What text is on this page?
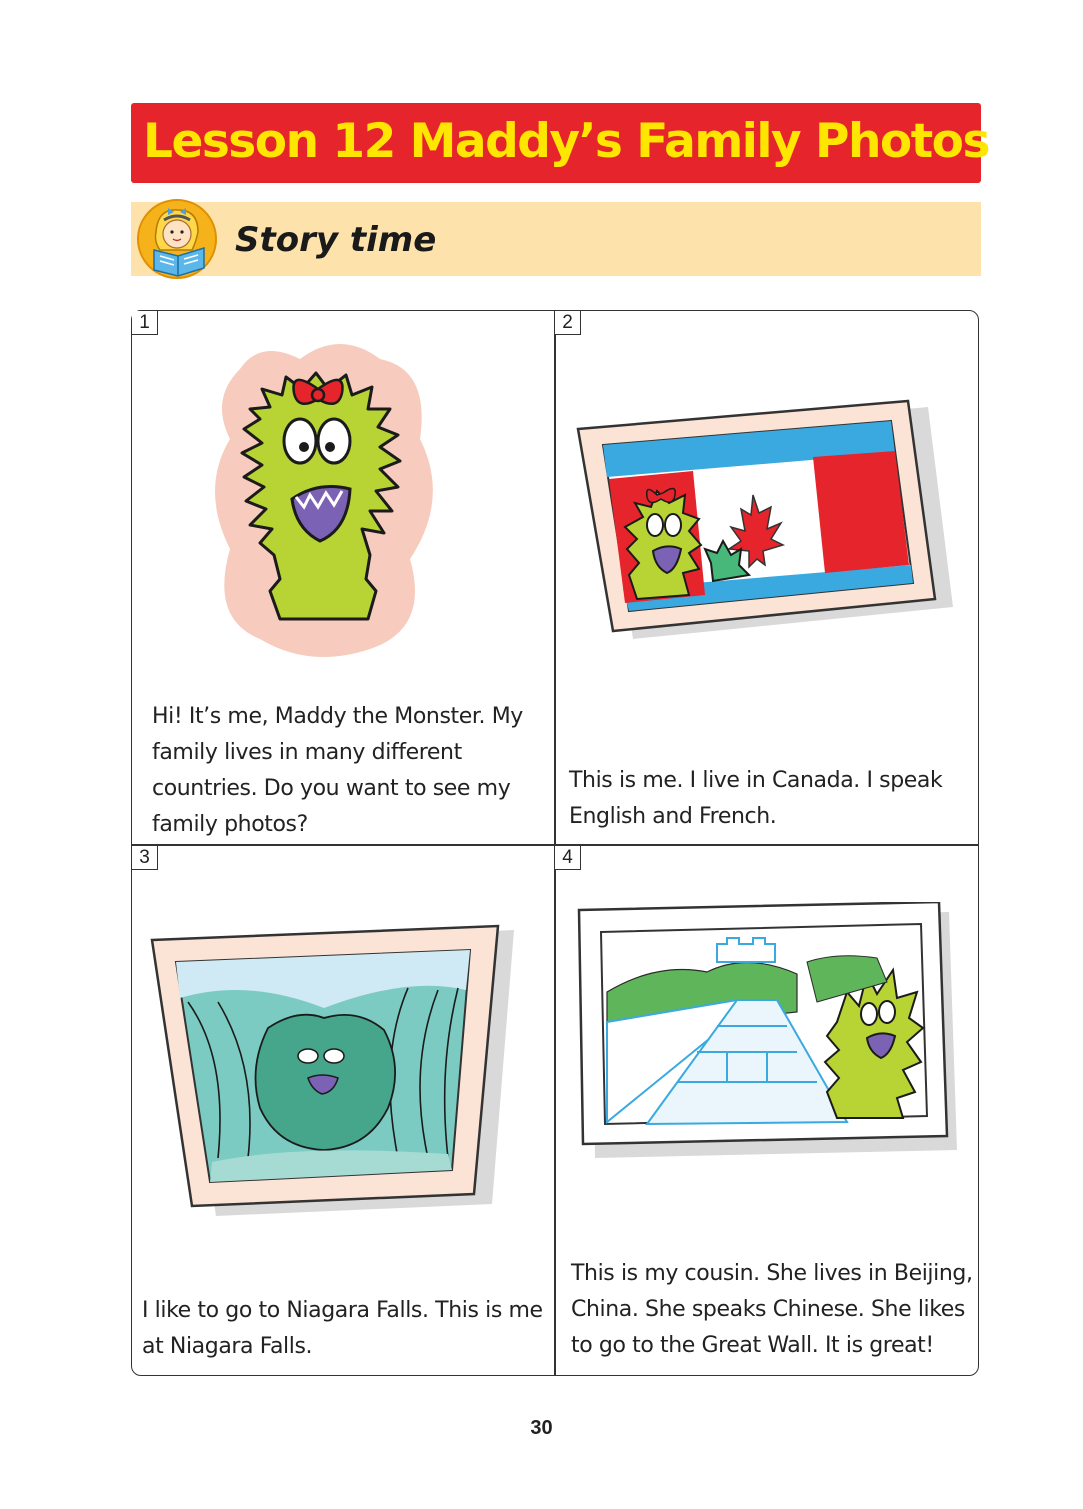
Lesson 12 Maddy’s Family Photos
Story time
1
Hi! It’s me, Maddy the Monster. My family lives in many different countries. Do you want to see my family photos?
2
This is me. I live in Canada. I speak English and French.
3
I like to go to Niagara Falls. This is me at Niagara Falls.
4
This is my cousin. She lives in Beijing, China. She speaks Chinese. She likes to go to the Great Wall. It is great!
30
